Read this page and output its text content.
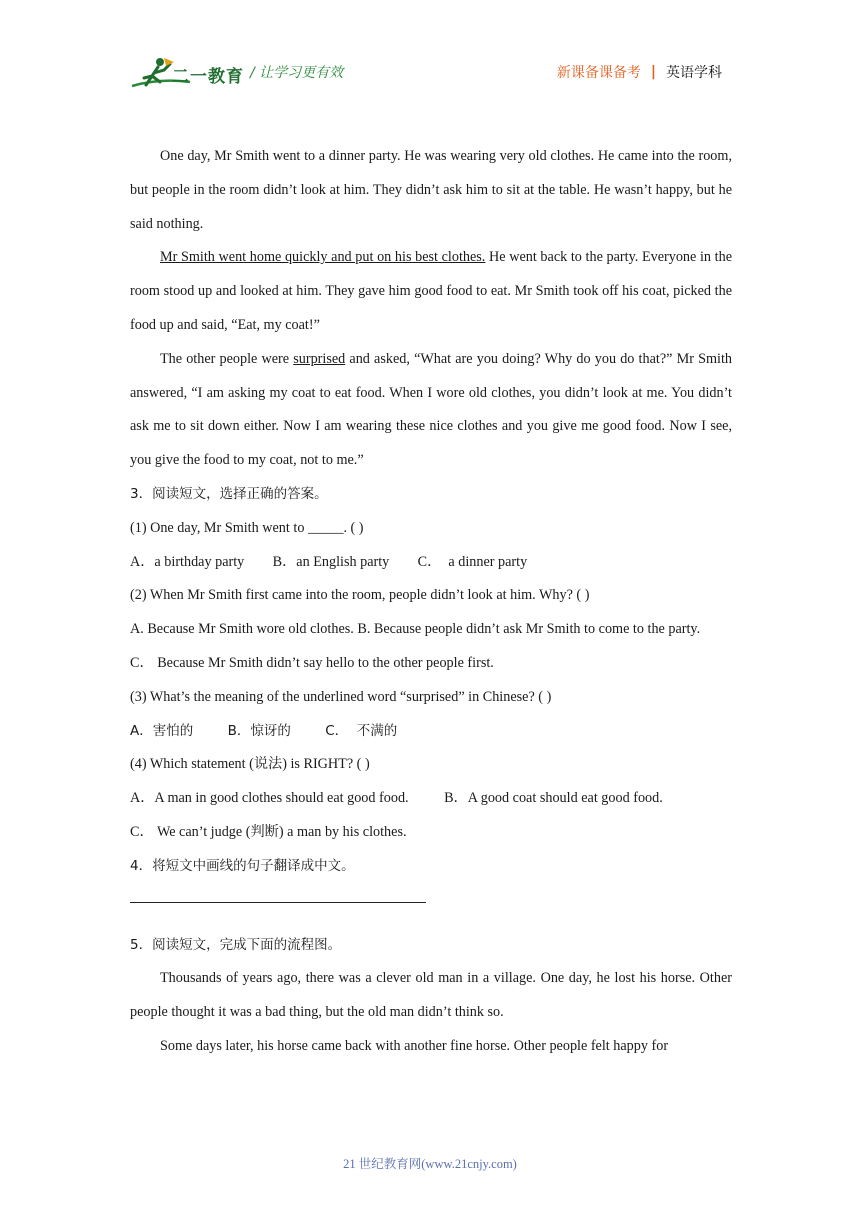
二一教育 / 让学习更有效	新课备课备考 | 英语学科

One day, Mr Smith went to a dinner party. He was wearing very old clothes. He came into the room, but people in the room didn’t look at him. They didn’t ask him to sit at the table. He wasn’t happy, but he said nothing.

Mr Smith went home quickly and put on his best clothes. He went back to the party. Everyone in the room stood up and looked at him. They gave him good food to eat. Mr Smith took off his coat, picked the food up and said, “Eat, my coat!”

The other people were surprised and asked, “What are you doing? Why do you do that?” Mr Smith answered, “I am asking my coat to eat food. When I wore old clothes, you didn’t look at me. You didn’t ask me to sit down either. Now I am wearing these nice clothes and you give me good food. Now I see, you give the food to my coat, not to me.”

3．阅读短文，选择正确的答案。

(1) One day, Mr Smith went to _____. ( )

A．a birthday party
B．an English party
C．  a dinner party

(2) When Mr Smith first came into the room, people didn’t look at him. Why? ( )

A. Because Mr Smith wore old clothes. B. Because people didn’t ask Mr Smith to come to the party.

C． Because Mr Smith didn’t say hello to the other people first.

(3) What’s the meaning of the underlined word “surprised” in Chinese? ( )

A．害怕的
	B．惊讶的
	C．  不满的

(4) Which statement (说法) is RIGHT? ( )

A．A man in good clothes should eat good food.
B．A good coat should eat good food.

C． We can’t judge (判断) a man by his clothes.

4．将短文中画线的句子翻译成中文。

5．阅读短文，完成下面的流程图。

Thousands of years ago, there was a clever old man in a village. One day, he lost his horse. Other people thought it was a bad thing, but the old man didn’t think so.

Some days later, his horse came back with another fine horse. Other people felt happy for

21 世纪教育网(www.21cnjy.com)
